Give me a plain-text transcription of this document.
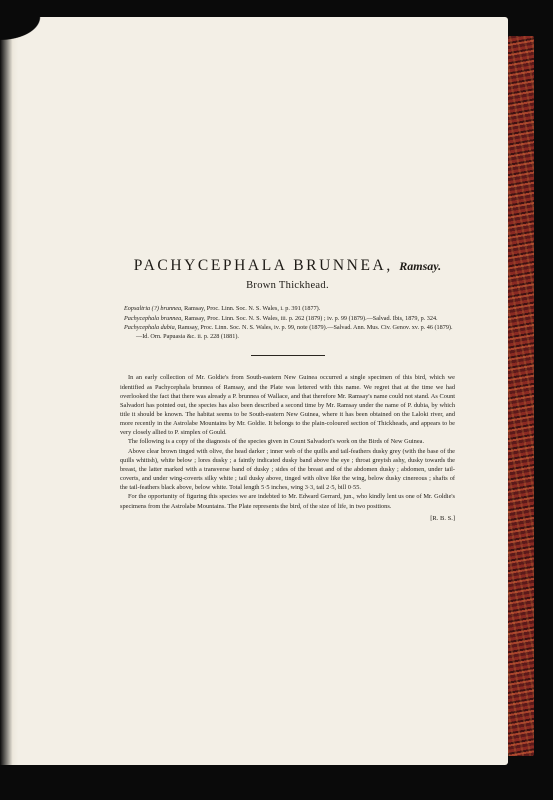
PACHYCEPHALA BRUNNEA, Ramsay.
Brown Thickhead.

Eopsaltria (?) brunnea, Ramsay, Proc. Linn. Soc. N. S. Wales, i. p. 391 (1877).

Pachycephala brunnea, Ramsay, Proc. Linn. Soc. N. S. Wales, iii. p. 262 (1879) ; iv. p. 99 (1879).—Salvad. Ibis, 1879, p. 324.

Pachycephala dubia, Ramsay, Proc. Linn. Soc. N. S. Wales, iv. p. 99, note (1879).—Salvad. Ann. Mus. Civ. Genov. xv. p. 46 (1879).—Id. Orn. Papuasia &c. ii. p. 228 (1881).

In an early collection of Mr. Goldie's from South-eastern New Guinea occurred a single specimen of this bird, which we identified as Pachycephala brunnea of Ramsay, and the Plate was lettered with this name. We regret that at the time we had overlooked the fact that there was already a P. brunnea of Wallace, and that therefore Mr. Ramsay's name could not stand. As Count Salvadori has pointed out, the species has also been described a second time by Mr. Ramsay under the name of P. dubia, by which title it should be known. The habitat seems to be South-eastern New Guinea, where it has been obtained on the Laloki river, and more recently in the Astrolabe Mountains by Mr. Goldie. It belongs to the plain-coloured section of Thickheads, and appears to be very closely allied to P. simplex of Gould.

The following is a copy of the diagnosis of the species given in Count Salvadori's work on the Birds of New Guinea.

Above clear brown tinged with olive, the head darker ; inner web of the quills and tail-feathers dusky grey (with the base of the quills whitish), white below ; lores dusky ; a faintly indicated dusky band above the eye ; throat greyish ashy, dusky towards the breast, the latter marked with a transverse band of dusky ; sides of the breast and of the abdomen dusky ; abdomen, under tail-coverts, and under wing-coverts silky white ; tail dusky above, tinged with olive like the wing, below dusky cinereous ; shafts of the tail-feathers black above, below white. Total length 5·5 inches, wing 3·3, tail 2·5, bill 0·55.

For the opportunity of figuring this species we are indebted to Mr. Edward Gerrard, jun., who kindly lent us one of Mr. Goldie's specimens from the Astrolabe Mountains. The Plate represents the bird, of the size of life, in two positions.

[R. B. S.]
